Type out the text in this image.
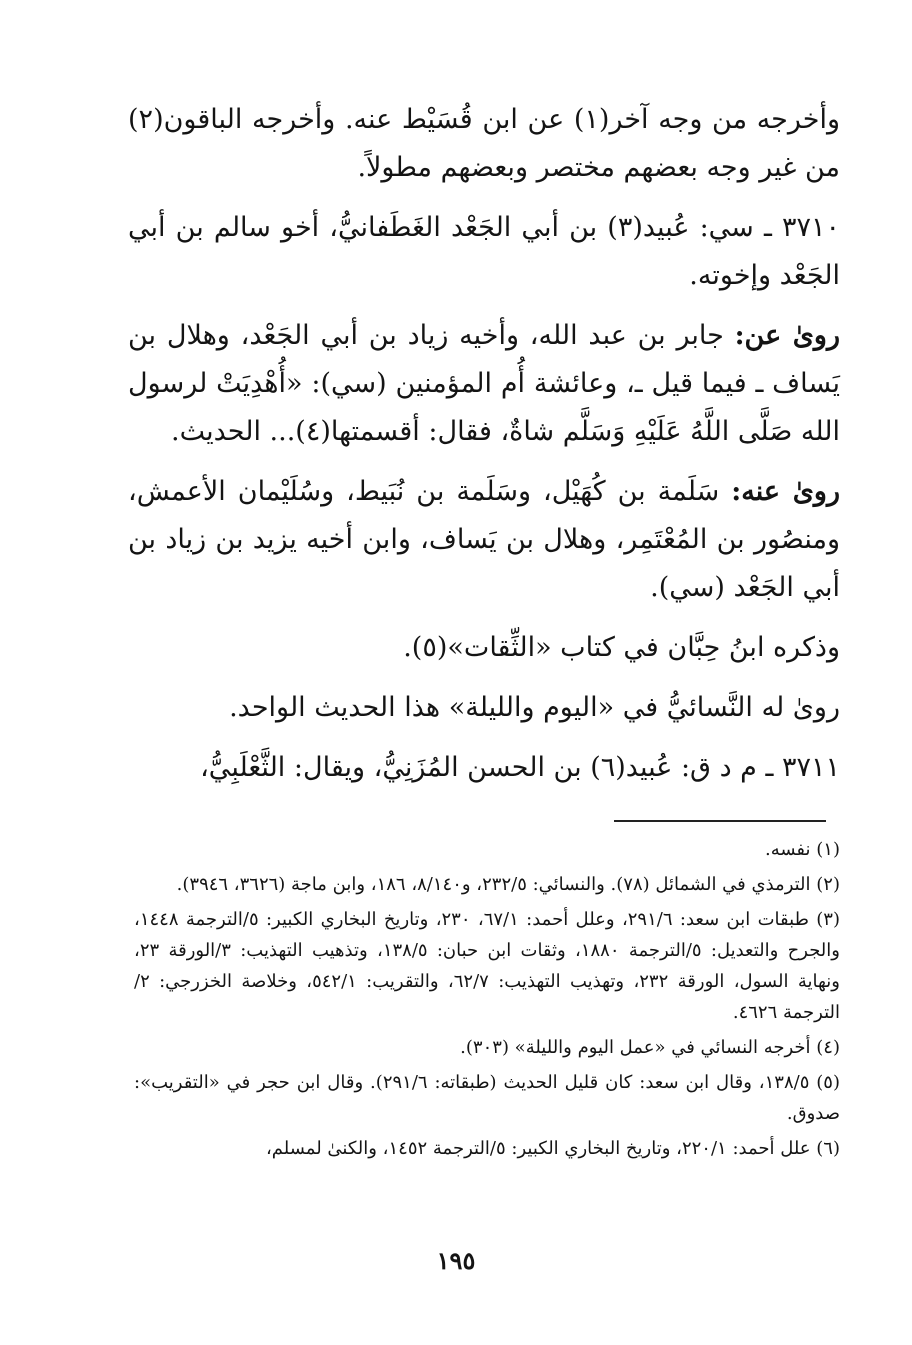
وأخرجه من وجه آخر(١) عن ابن قُسَيْط عنه. وأخرجه الباقون(٢) من غير وجه بعضهم مختصر وبعضهم مطولاً.

٣٧١٠ ـ سي: عُبيد(٣) بن أبي الجَعْد الغَطَفانيُّ، أخو سالم بن أبي الجَعْد وإخوته.

روىٰ عن: جابر بن عبد الله، وأخيه زياد بن أبي الجَعْد، وهلال بن يَساف ـ فيما قيل ـ، وعائشة أُم المؤمنين (سي): «أُهْدِيَتْ لرسول الله صَلَّى اللَّهُ عَلَيْهِ وَسَلَّم شاةٌ، فقال: أقسمتها(٤)... الحديث.

روىٰ عنه: سَلَمة بن كُهَيْل، وسَلَمة بن نُبَيط، وسُلَيْمان الأعمش، ومنصُور بن المُعْتَمِر، وهلال بن يَساف، وابن أخيه يزيد بن زياد بن أبي الجَعْد (سي).

وذكره ابنُ حِبَّان في كتاب «الثِّقات»(٥).

روىٰ له النَّسائيُّ في «اليوم والليلة» هذا الحديث الواحد.

٣٧١١ ـ م د ق: عُبيد(٦) بن الحسن المُزَنِيُّ، ويقال: الثَّعْلَبِيُّ،

(١) نفسه.

(٢) الترمذي في الشمائل (٧٨). والنسائي: ٢٣٢/٥، و٨/١٤٠، ١٨٦، وابن ماجة (٣٦٢٦، ٣٩٤٦).

(٣) طبقات ابن سعد: ٢٩١/٦، وعلل أحمد: ٦٧/١، ٢٣٠، وتاريخ البخاري الكبير: ٥/الترجمة ١٤٤٨، والجرح والتعديل: ٥/الترجمة ١٨٨٠، وثقات ابن حبان: ١٣٨/٥، وتذهيب التهذيب: ٣/الورقة ٢٣، ونهاية السول، الورقة ٢٣٢، وتهذيب التهذيب: ٦٢/٧، والتقريب: ٥٤٢/١، وخلاصة الخزرجي: ٢/الترجمة ٤٦٢٦.

(٤) أخرجه النسائي في «عمل اليوم والليلة» (٣٠٣).

(٥) ١٣٨/٥، وقال ابن سعد: كان قليل الحديث (طبقاته: ٢٩١/٦). وقال ابن حجر في «التقريب»: صدوق.

(٦) علل أحمد: ٢٢٠/١، وتاريخ البخاري الكبير: ٥/الترجمة ١٤٥٢، والكنىٰ لمسلم،

١٩٥
